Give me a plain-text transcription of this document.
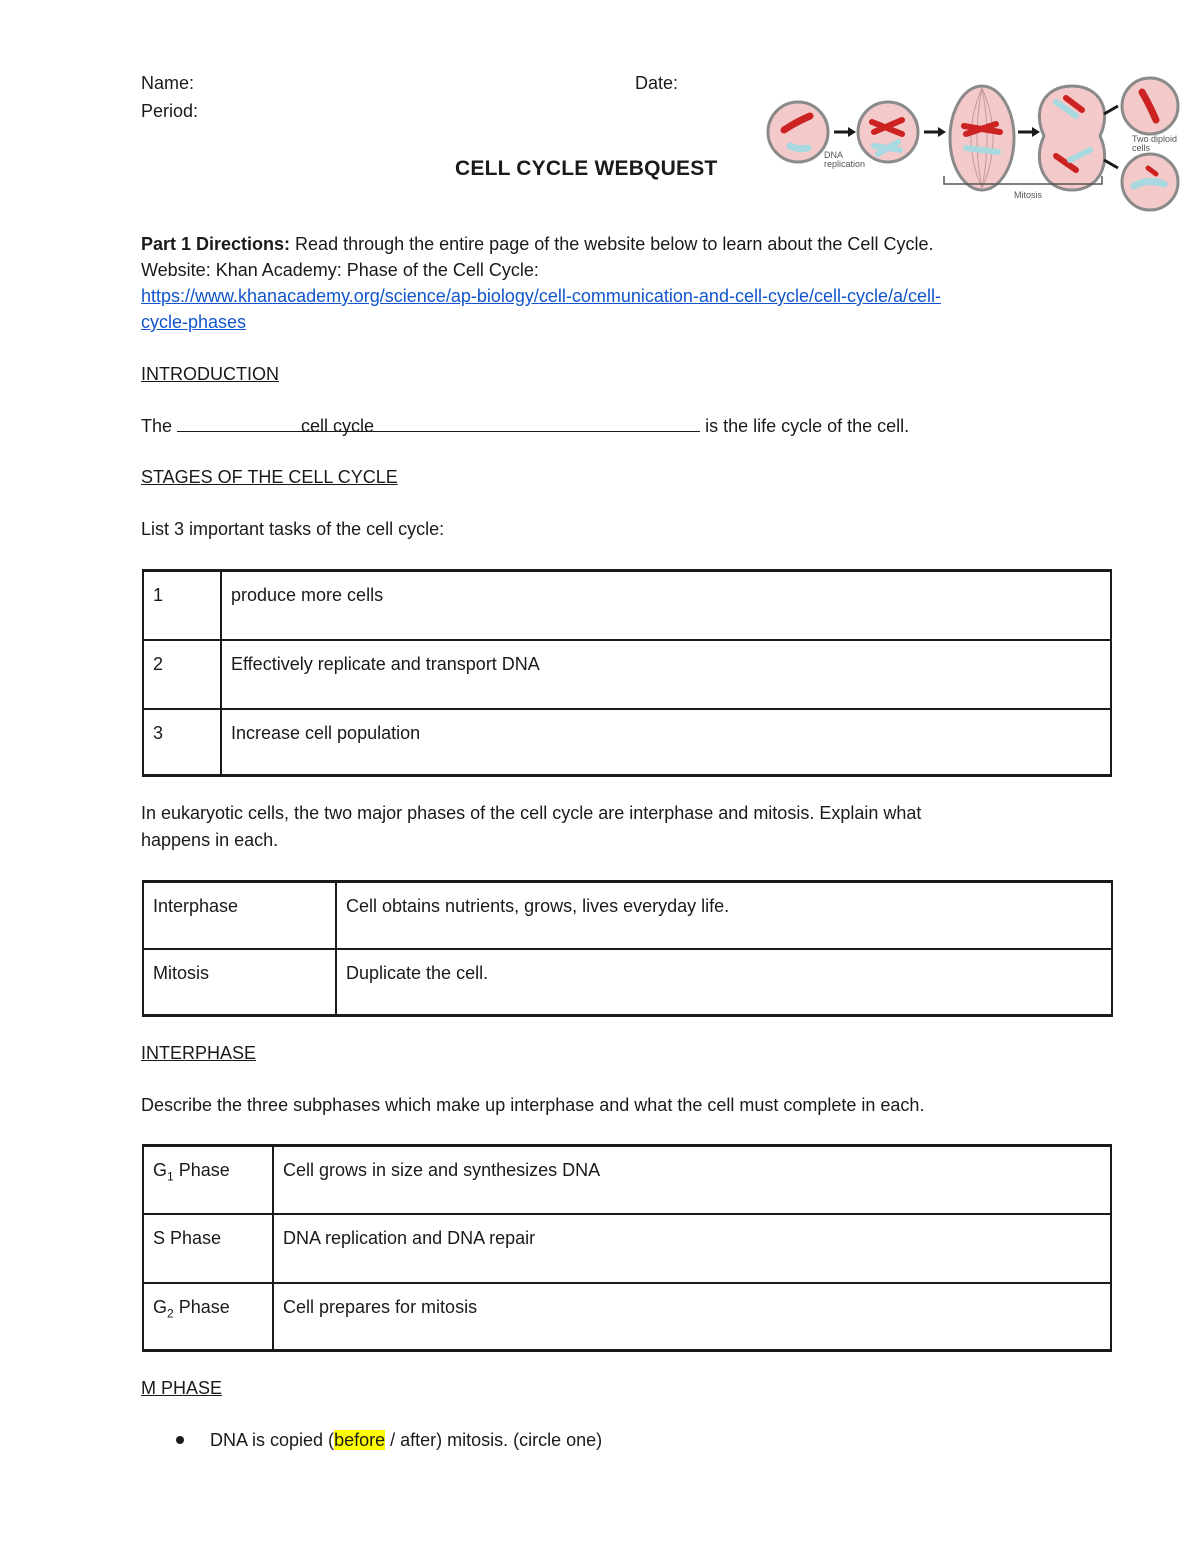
Name:	Date:
Period:
CELL CYCLE WEBQUEST
DNA replication
Two diploid cells
Mitosis
Part 1 Directions: Read through the entire page of the website below to learn about the Cell Cycle.
Website: Khan Academy: Phase of the Cell Cycle:
https://www.khanacademy.org/science/ap-biology/cell-communication-and-cell-cycle/cell-cycle/a/cell-
cycle-phases
INTRODUCTION
The	cell cycle	is the life cycle of the cell.
STAGES OF THE CELL CYCLE
List 3 important tasks of the cell cycle:
1	produce more cells
2	Effectively replicate and transport DNA
3	Increase cell population
In eukaryotic cells, the two major phases of the cell cycle are interphase and mitosis. Explain what
happens in each.
Interphase	Cell obtains nutrients, grows, lives everyday life.
Mitosis	Duplicate the cell.
INTERPHASE
Describe the three subphases which make up interphase and what the cell must complete in each.
$G_1$ Phase	Cell grows in size and synthesizes DNA
S Phase	DNA replication and DNA repair
$G_2$ Phase	Cell prepares for mitosis
M PHASE
DNA is copied (before / after) mitosis. (circle one)
